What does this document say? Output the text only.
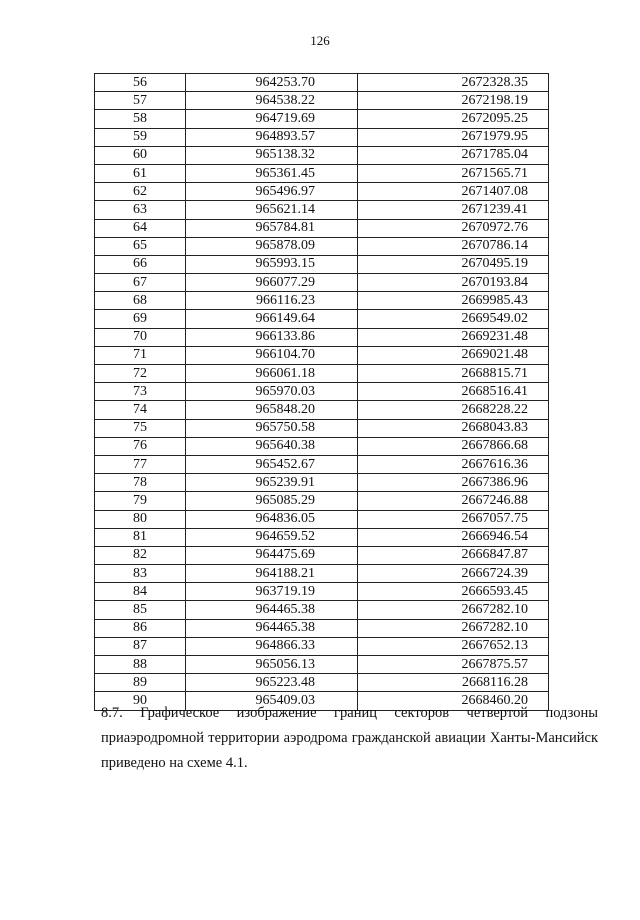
126
56	964253.70	2672328.35
57	964538.22	2672198.19
58	964719.69	2672095.25
59	964893.57	2671979.95
60	965138.32	2671785.04
61	965361.45	2671565.71
62	965496.97	2671407.08
63	965621.14	2671239.41
64	965784.81	2670972.76
65	965878.09	2670786.14
66	965993.15	2670495.19
67	966077.29	2670193.84
68	966116.23	2669985.43
69	966149.64	2669549.02
70	966133.86	2669231.48
71	966104.70	2669021.48
72	966061.18	2668815.71
73	965970.03	2668516.41
74	965848.20	2668228.22
75	965750.58	2668043.83
76	965640.38	2667866.68
77	965452.67	2667616.36
78	965239.91	2667386.96
79	965085.29	2667246.88
80	964836.05	2667057.75
81	964659.52	2666946.54
82	964475.69	2666847.87
83	964188.21	2666724.39
84	963719.19	2666593.45
85	964465.38	2667282.10
86	964465.38	2667282.10
87	964866.33	2667652.13
88	965056.13	2667875.57
89	965223.48	2668116.28
90	965409.03	2668460.20
8.7. Графическое изображение границ секторов четвертой подзоны
приаэродромной территории аэродрома гражданской авиации Ханты-Мансийск
приведено на схеме 4.1.
